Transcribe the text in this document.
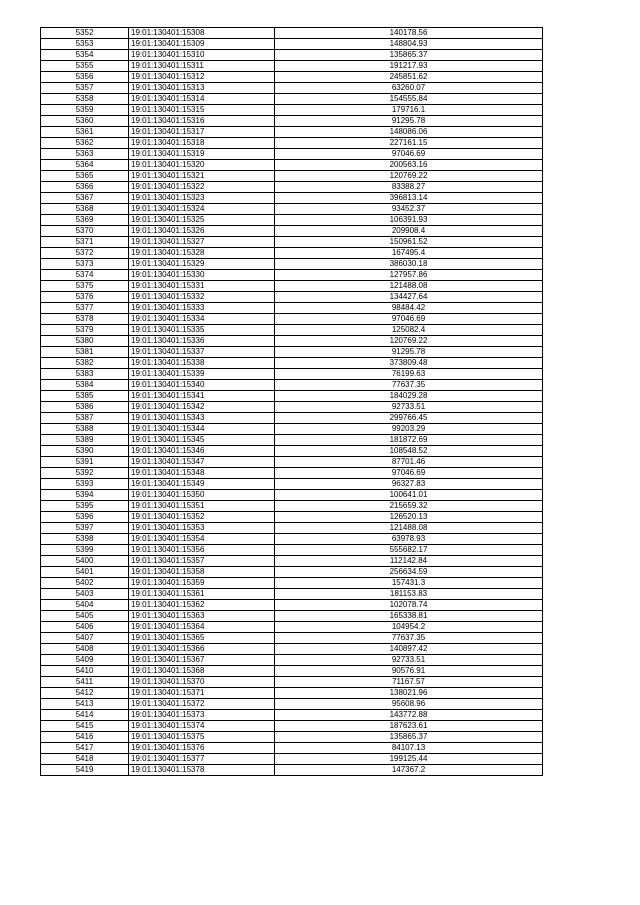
5352	19:01:130401:15308	140178.56
5353	19:01:130401:15309	148804.93
5354	19:01:130401:15310	135865.37
5355	19:01:130401:15311	191217.93
5356	19:01:130401:15312	245851.62
5357	19:01:130401:15313	63260.07
5358	19:01:130401:15314	154555.84
5359	19:01:130401:15315	179716.1
5360	19:01:130401:15316	91295.78
5361	19:01:130401:15317	148086.06
5362	19:01:130401:15318	227161.15
5363	19:01:130401:15319	97046.69
5364	19:01:130401:15320	200563.16
5365	19:01:130401:15321	120769.22
5366	19:01:130401:15322	83388.27
5367	19:01:130401:15323	396813.14
5368	19:01:130401:15324	93452.37
5369	19:01:130401:15325	106391.93
5370	19:01:130401:15326	209908.4
5371	19:01:130401:15327	150961.52
5372	19:01:130401:15328	167495.4
5373	19:01:130401:15329	386030.18
5374	19:01:130401:15330	127957.86
5375	19:01:130401:15331	121488.08
5376	19:01:130401:15332	134427.64
5377	19:01:130401:15333	98484.42
5378	19:01:130401:15334	97046.69
5379	19:01:130401:15335	125082.4
5380	19:01:130401:15336	120769.22
5381	19:01:130401:15337	91295.78
5382	19:01:130401:15338	373809.48
5383	19:01:130401:15339	76199.63
5384	19:01:130401:15340	77637.35
5385	19:01:130401:15341	184029.28
5386	19:01:130401:15342	92733.51
5387	19:01:130401:15343	299766.45
5388	19:01:130401:15344	99203.29
5389	19:01:130401:15345	181872.69
5390	19:01:130401:15346	108548.52
5391	19:01:130401:15347	87701.46
5392	19:01:130401:15348	97046.69
5393	19:01:130401:15349	96327.83
5394	19:01:130401:15350	100641.01
5395	19:01:130401:15351	215659.32
5396	19:01:130401:15352	126520.13
5397	19:01:130401:15353	121488.08
5398	19:01:130401:15354	63978.93
5399	19:01:130401:15356	555682.17
5400	19:01:130401:15357	112142.84
5401	19:01:130401:15358	256634.59
5402	19:01:130401:15359	157431.3
5403	19:01:130401:15361	181153.83
5404	19:01:130401:15362	102078.74
5405	19:01:130401:15363	165338.81
5406	19:01:130401:15364	104954.2
5407	19:01:130401:15365	77637.35
5408	19:01:130401:15366	140897.42
5409	19:01:130401:15367	92733.51
5410	19:01:130401:15368	90576.91
5411	19:01:130401:15370	71167.57
5412	19:01:130401:15371	138021.96
5413	19:01:130401:15372	95608.96
5414	19:01:130401:15373	143772.88
5415	19:01:130401:15374	187623.61
5416	19:01:130401:15375	135865.37
5417	19:01:130401:15376	84107.13
5418	19:01:130401:15377	199125.44
5419	19:01:130401:15378	147367.2
